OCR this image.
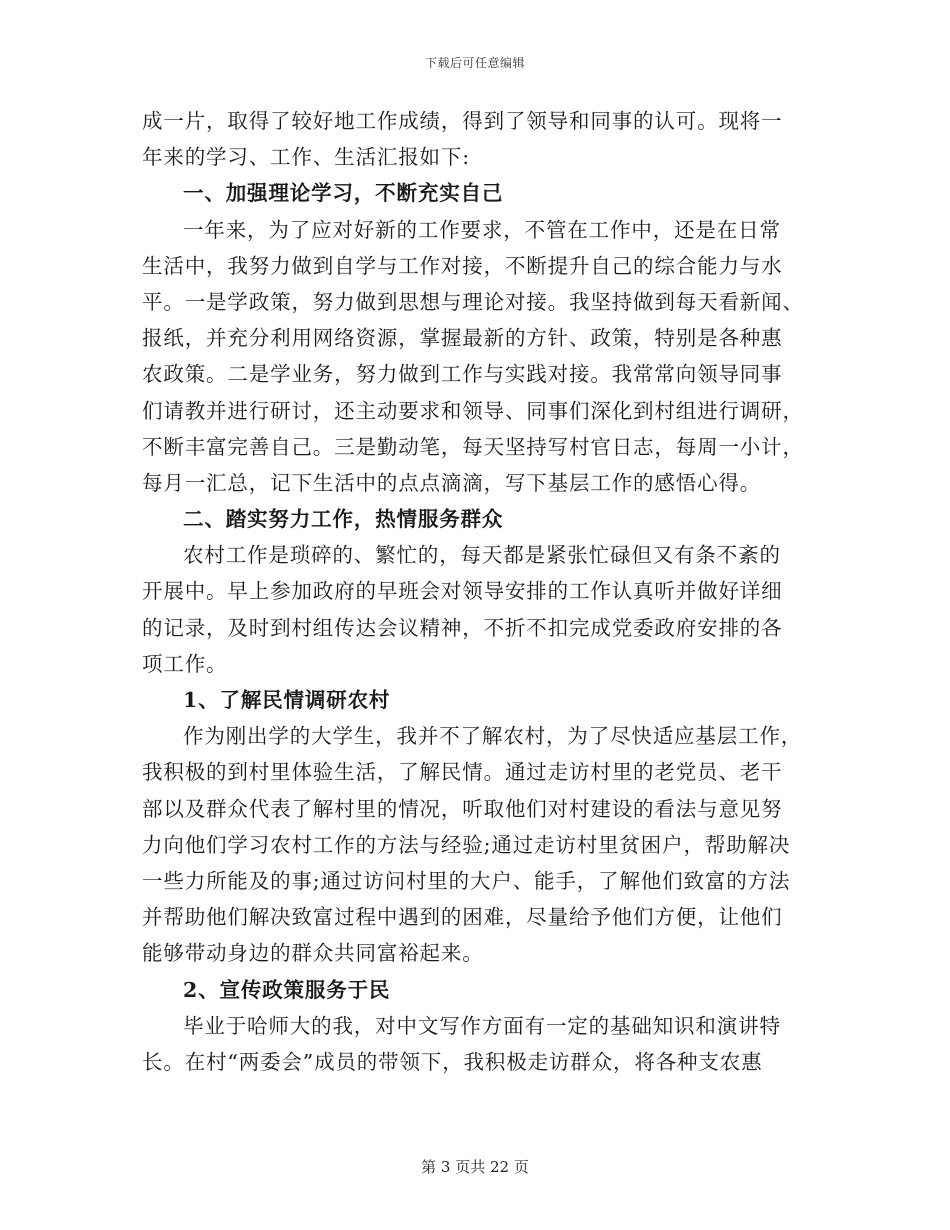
下载后可任意编辑
成一片，取得了较好地工作成绩，得到了领导和同事的认可。现将一
年来的学习、工作、生活汇报如下:
一、加强理论学习，不断充实自己
一年来，为了应对好新的工作要求，不管在工作中，还是在日常
生活中，我努力做到自学与工作对接，不断提升自己的综合能力与水
平。一是学政策，努力做到思想与理论对接。我坚持做到每天看新闻、
报纸，并充分利用网络资源，掌握最新的方针、政策，特别是各种惠
农政策。二是学业务，努力做到工作与实践对接。我常常向领导同事
们请教并进行研讨，还主动要求和领导、同事们深化到村组进行调研，
不断丰富完善自己。三是勤动笔，每天坚持写村官日志，每周一小计，
每月一汇总，记下生活中的点点滴滴，写下基层工作的感悟心得。
二、踏实努力工作，热情服务群众
农村工作是琐碎的、繁忙的，每天都是紧张忙碌但又有条不紊的
开展中。早上参加政府的早班会对领导安排的工作认真听并做好详细
的记录，及时到村组传达会议精神，不折不扣完成党委政府安排的各
项工作。
1、了解民情调研农村
作为刚出学的大学生，我并不了解农村，为了尽快适应基层工作，
我积极的到村里体验生活，了解民情。通过走访村里的老党员、老干
部以及群众代表了解村里的情况，听取他们对村建设的看法与意见努
力向他们学习农村工作的方法与经验;通过走访村里贫困户，帮助解决
一些力所能及的事;通过访问村里的大户、能手，了解他们致富的方法
并帮助他们解决致富过程中遇到的困难，尽量给予他们方便，让他们
能够带动身边的群众共同富裕起来。
2、宣传政策服务于民
毕业于哈师大的我，对中文写作方面有一定的基础知识和演讲特
长。在村“两委会”成员的带领下，我积极走访群众，将各种支农惠
第 3 页共 22 页
